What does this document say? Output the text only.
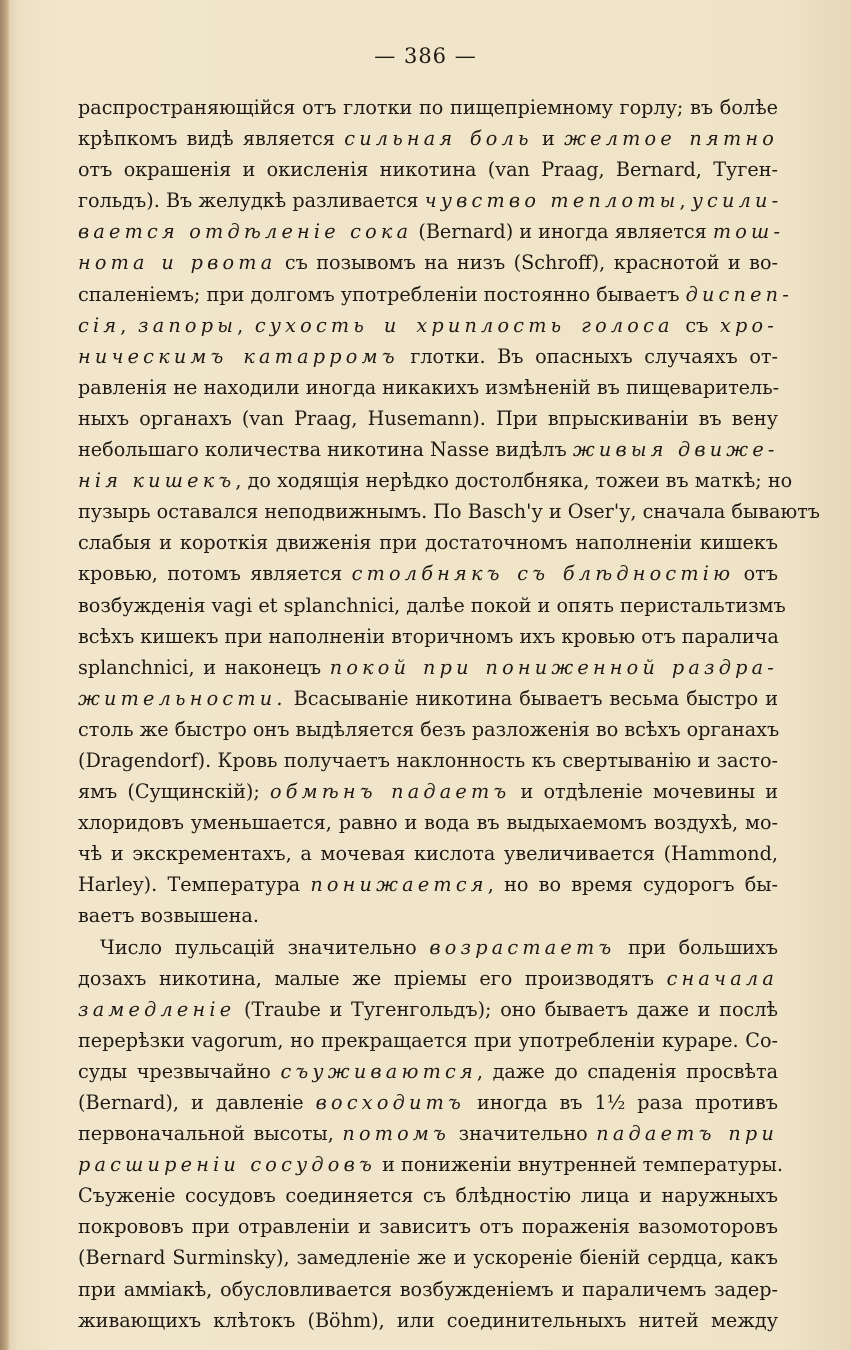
— 386 —
распространяющійся отъ глотки по пищепріемному горлу; въ болѣе
крѣпкомъ видѣ является сильная боль и желтое пятно
отъ окрашенія и окисленія никотина (van Praag, Bernard, Туген-
гольдъ). Въ желудкѣ разливается чувство теплоты, усили-
вается отдѣленіе сока (Bernard) и иногда является тош-
нота и рвота съ позывомъ на низъ (Schroff), краснотой и во-
спаленіемъ; при долгомъ употребленіи постоянно бываетъ диспеп-
сія, запоры, сухость и хриплость голоса съ хро-
ническимъ катарромъ глотки. Въ опасныхъ случаяхъ от-
равленія не находили иногда никакихъ измѣненій въ пищеваритель-
ныхъ органахъ (van Praag, Husemann). При впрыскиваніи въ вену
небольшаго количества никотина Nasse видѣлъ живыя движе-
нія кишекъ, до ходящія нерѣдко достолбняка, тожеи въ маткѣ; но
пузырь оставался неподвижнымъ. По Basch'у и Oser'у, сначала бываютъ
слабыя и короткія движенія при достаточномъ наполненіи кишекъ
кровью, потомъ является столбнякъ съ блѣдностію отъ
возбужденія vagi et splanchnici, далѣе покой и опять перистальтизмъ
всѣхъ кишекъ при наполненіи вторичномъ ихъ кровью отъ паралича
splanchnici, и наконецъ покой при пониженной раздра-
жительности. Всасываніе никотина бываетъ весьма быстро и
столь же быстро онъ выдѣляется безъ разложенія во всѣхъ органахъ
(Dragendorf). Кровь получаетъ наклонность къ свертыванію и засто-
ямъ (Сущинскій); обмѣнъ падаетъ и отдѣленіе мочевины и
хлоридовъ уменьшается, равно и вода въ выдыхаемомъ воздухѣ, мо-
чѣ и экскрементахъ, а мочевая кислота увеличивается (Hammond,
Harley). Температура понижается, но во время судорогъ бы-
ваетъ возвышена.
Число пульсацій значительно возрастаетъ при большихъ
дозахъ никотина, малые же пріемы его производятъ сначала
замедленіе (Traube и Тугенгольдъ); оно бываетъ даже и послѣ
перерѣзки vagorum, но прекращается при употребленіи кураре. Со-
суды чрезвычайно съуживаются, даже до спаденія просвѣта
(Bernard), и давленіе восходитъ иногда въ 1½ раза противъ
первоначальной высоты, потомъ значительно падаетъ при
расширеніи сосудовъ и пониженіи внутренней температуры.
Съуженіе сосудовъ соединяется съ блѣдностію лица и наружныхъ
покрововъ при отравленіи и зависитъ отъ пораженія вазомоторовъ
(Bernard Surminsky), замедленіе же и ускореніе біеній сердца, какъ
при амміакѣ, обусловливается возбужденіемъ и параличемъ задер-
живающихъ клѣтокъ (Böhm), или соединительныхъ нитей между
